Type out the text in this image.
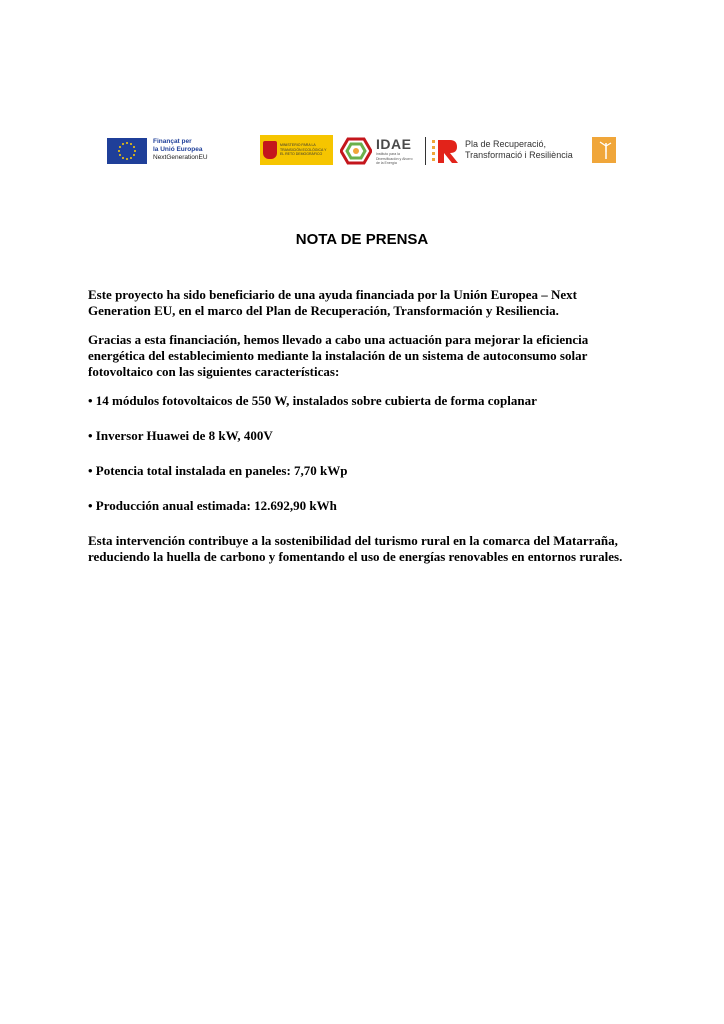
Finançat per
la Unió Europea
NextGenerationEU
MINISTERIO PARA LA TRANSICIÓN ECOLÓGICA Y EL RETO DEMOGRÁFICO
IDAE
Instituto para la Diversificación y Ahorro de la Energía
Pla de Recuperació,
Transformació i Resiliència
NOTA DE PRENSA

Este proyecto ha sido beneficiario de una ayuda financiada por la Unión Europea – Next Generation EU, en el marco del Plan de Recuperación, Transformación y Resiliencia.

Gracias a esta financiación, hemos llevado a cabo una actuación para mejorar la eficiencia energética del establecimiento mediante la instalación de un sistema de autoconsumo solar fotovoltaico con las siguientes características:

• 14 módulos fotovoltaicos de 550 W, instalados sobre cubierta de forma coplanar

• Inversor Huawei de 8 kW, 400V

• Potencia total instalada en paneles: 7,70 kWp

• Producción anual estimada: 12.692,90 kWh

Esta intervención contribuye a la sostenibilidad del turismo rural en la comarca del Matarraña, reduciendo la huella de carbono y fomentando el uso de energías renovables en entornos rurales.
